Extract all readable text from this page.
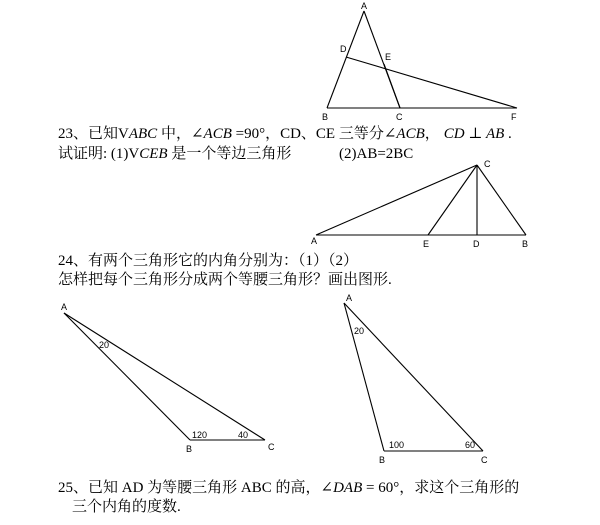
A
D
E
B	C	F
C
A	E	D	B
A
B	C
20
120	40
A
B	C
20
100	60
23、已知VABC 中，∠ACB =90°，CD、CE 三等分∠ACB， CD ⊥ AB .
试证明: (1)VCEB 是一个等边三角形	(2)AB=2BC
24、有两个三角形它的内角分别为：（1）（2）
怎样把每个三角形分成两个等腰三角形？画出图形.
25、已知 AD 为等腰三角形 ABC 的高，∠DAB = 60°，求这个三角形的
三个内角的度数.
